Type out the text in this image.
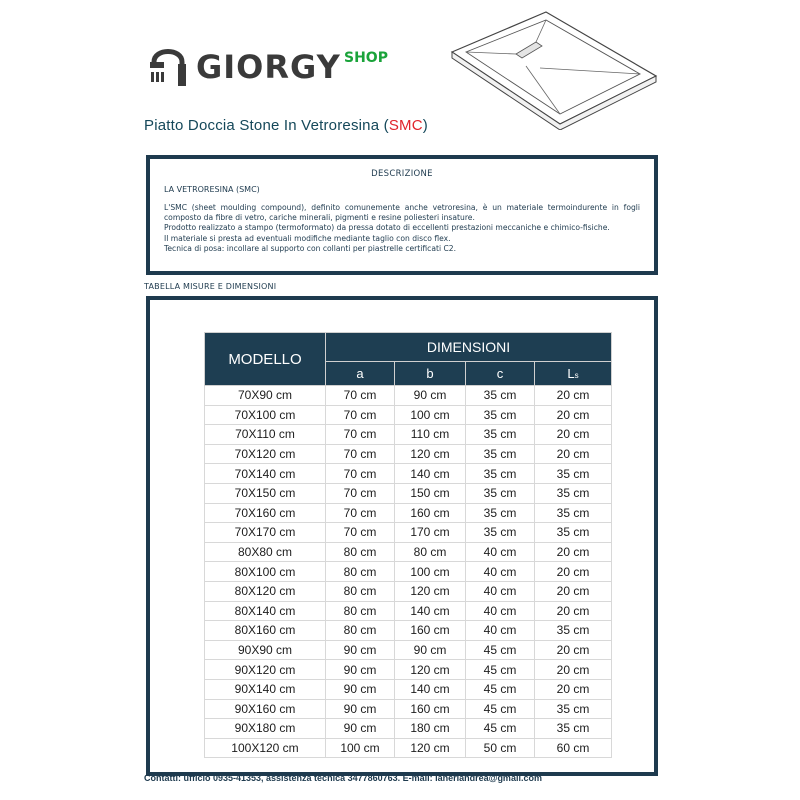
GIORGY SHOP
Piatto Doccia Stone In Vetroresina (SMC)
DESCRIZIONE
LA VETRORESINA (SMC)

L'SMC (sheet moulding compound), definito comunemente anche vetroresina, è un materiale termoindurente in fogli composto da fibre di vetro, cariche minerali, pigmenti e resine poliesteri insature.

Prodotto realizzato a stampo (termoformato) da pressa dotato di eccellenti prestazioni meccaniche e chimico-fisiche.

Il materiale si presta ad eventuali modifiche mediante taglio con disco flex.

Tecnica di posa: incollare al supporto con collanti per piastrelle certificati C2.

TABELLA MISURE E DIMENSIONI
MODELLO	DIMENSIONI			
	a	b	c	Ls
70X90 cm	70 cm	90 cm	35 cm	20 cm
70X100 cm	70 cm	100 cm	35 cm	20 cm
70X110 cm	70 cm	110 cm	35 cm	20 cm
70X120 cm	70 cm	120 cm	35 cm	20 cm
70X140 cm	70 cm	140 cm	35 cm	35 cm
70X150 cm	70 cm	150 cm	35 cm	35 cm
70X160 cm	70 cm	160 cm	35 cm	35 cm
70X170 cm	70 cm	170 cm	35 cm	35 cm
80X80 cm	80 cm	80 cm	40 cm	20 cm
80X100 cm	80 cm	100 cm	40 cm	20 cm
80X120 cm	80 cm	120 cm	40 cm	20 cm
80X140 cm	80 cm	140 cm	40 cm	20 cm
80X160 cm	80 cm	160 cm	40 cm	35 cm
90X90 cm	90 cm	90 cm	45 cm	20 cm
90X120 cm	90 cm	120 cm	45 cm	20 cm
90X140 cm	90 cm	140 cm	45 cm	20 cm
90X160 cm	90 cm	160 cm	45 cm	35 cm
90X180 cm	90 cm	180 cm	45 cm	35 cm
100X120 cm	100 cm	120 cm	50 cm	60 cm
Contatti: ufficio 0935-41353, assistenza tecnica 3477860763. E-mail: laneriandrea@gmail.com
